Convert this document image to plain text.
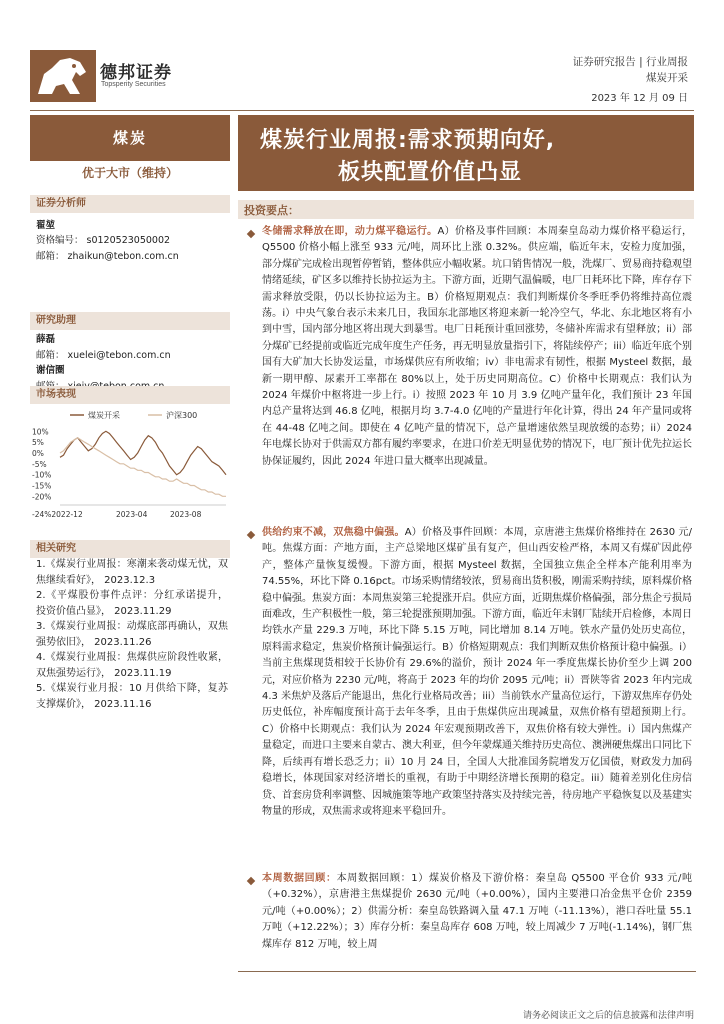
德邦证券
Topsperity Securities
证券研究报告 | 行业周报
煤炭开采
2023 年 12 月 09 日
煤炭
优于大市（维持）
证券分析师
翟堃
资格编号： s0120523050002
邮箱： zhaikun@tebon.com.cn
研究助理
薛磊
邮箱： xuelei@tebon.com.cn
谢信圈
市场表现
煤炭开采	沪深300
10%
5%
0%
-5%
-10%
-15%
-20%
-24%2022-12	2023-04	2023-08
相关研究
1.《煤炭行业周报：寒潮来袭动煤无忧，双焦继续看好》， 2023.12.3
2.《平煤股份事件点评：分红承诺提升， 投资价值凸显》， 2023.11.29
3.《煤炭行业周报：动煤底部再确认，双焦强势依旧》， 2023.11.26
4.《煤炭行业周报：焦煤供应阶段性收紧， 双焦强势运行》， 2023.11.19
5.《煤炭行业月报：10 月供给下降，复苏支撑煤价》， 2023.11.16
煤炭行业周报:需求预期向好,
板块配置价值凸显
投资要点：
冬储需求释放在即，动力煤平稳运行。A）价格及事件回顾：本周秦皇岛动力煤价格平稳运行，Q5500 价格小幅上涨至 933 元/吨，周环比上涨 0.32%。供应端，临近年末，安检力度加强，部分煤矿完成检出现暂停暂销，整体供应小幅收紧。坑口销售情况一般，洗煤厂、贸易商持稳观望情绪延续，矿区多以维持长协拉运为主。下游方面，近期气温偏暖，电厂日耗环比下降，库存存下需求释放受限，仍以长协拉运为主。B）价格短期观点：我们判断煤价冬季旺季仍将维持高位震荡。i）中央气象台表示未来几日，我国东北部地区将迎来新一轮冷空气，华北、东北地区将有小到中雪，国内部分地区将出现大到暴雪。电厂日耗预计重回涨势，冬储补库需求有望释放；ii）部分煤矿已经提前或临近完成年度生产任务，再无明显放量指引下，将陆续停产；iii）临近年底个别国有大矿加大长协发运量，市场煤供应有所收缩；iv）非电需求有韧性，根据 Mysteel 数据，最新一期甲醇、尿素开工率都在 80%以上，处于历史同期高位。C）价格中长期观点：我们认为 2024 年煤价中枢将进一步上行。i）按照 2023 年 10 月 3.9 亿吨产量年化，我们预计 23 年国内总产量将达到 46.8 亿吨，根据月均 3.7-4.0 亿吨的产量进行年化计算，得出 24 年产量同或将在 44-48 亿吨之间。即使在 4 亿吨产量的情况下，总产量增速依然呈现放缓的态势；ii）2024 年电煤长协对于供需双方都有履约率要求，在进口价差无明显优势的情况下，电厂预计优先拉运长协保证履约，因此 2024 年进口量大概率出现减量。
供给约束不减，双焦稳中偏强。A）价格及事件回顾：本周，京唐港主焦煤价格维持在 2630 元/吨。焦煤方面：产地方面，主产总梁地区煤矿虽有复产，但山西安检严格，本周又有煤矿因此停产，整体产量恢复缓慢。下游方面，根据 Mysteel 数据，全国独立焦企全样本产能利用率为 74.55%，环比下降 0.16pct。市场采购情绪较浓，贸易商出货积极，刚需采购持续，原料煤价格稳中偏强。焦炭方面：本周焦炭第三轮提涨开启。供应方面，近期焦煤价格偏强，部分焦企亏损局面难改，生产积极性一般，第三轮提涨预期加强。下游方面，临近年末钢厂陆续开启检修，本周日均铁水产量 229.3 万吨，环比下降 5.15 万吨，同比增加 8.14 万吨。铁水产量仍处历史高位，原料需求稳定，焦炭价格预计偏强运行。B）价格短期观点：我们判断双焦价格预计稳中偏强。i）当前主焦煤现货相较于长协价有 29.6%的溢价，预计 2024 年一季度焦煤长协价至少上调 200 元，对应价格为 2230 元/吨，将高于 2023 年的均价 2095 元/吨；ii）晋陕等省 2023 年内完成 4.3 米焦炉及落后产能退出，焦化行业格局改善；iii）当前铁水产量高位运行，下游双焦库存仍处历史低位，补库幅度预计高于去年冬季，且由于焦煤供应出现减量，双焦价格有望超预期上行。C）价格中长期观点：我们认为 2024 年宏观预期改善下，双焦价格有较大弹性。i）国内焦煤产量稳定，而进口主要来自蒙古、澳大利亚，但今年蒙煤通关维持历史高位、澳洲硬焦煤出口同比下降，后续再有增长恐乏力；ii）10 月 24 日，全国人大批准国务院增发万亿国债，财政发力加码稳增长，体现国家对经济增长的重视，有助于中期经济增长预期的稳定。iii）随着差别化住房信贷、首套房贷利率调整、因城施策等地产政策坚持落实及持续完善，待房地产平稳恢复以及基建实物量的形成，双焦需求或将迎来平稳回升。
本周数据回顾：本周数据回顾：1）煤炭价格及下游价格：秦皇岛 Q5500 平仓价 933 元/吨（+0.32%），京唐港主焦煤提价 2630 元/吨（+0.00%），国内主要港口冶金焦平仓价 2359 元/吨（+0.00%）；2）供需分析：秦皇岛铁路调入量 47.1 万吨（-11.13%），港口吞吐量 55.1 万吨（+12.22%）；3）库存分析：秦皇岛库存 608 万吨，较上周减少 7 万吨(-1.14%)，钢厂焦煤库存 812 万吨，较上周
请务必阅读正文之后的信息披露和法律声明
